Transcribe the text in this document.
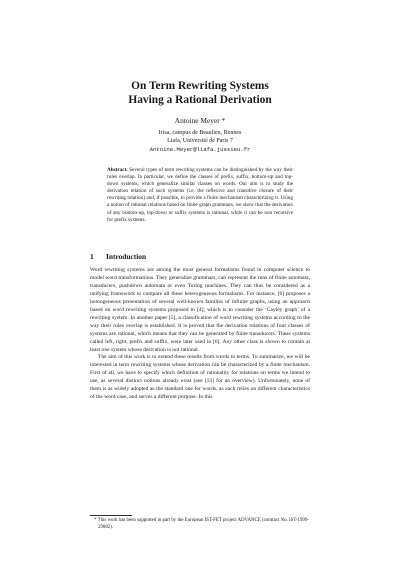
On Term Rewriting Systems
Having a Rational Derivation
Antoine Meyer *
Irisa, campus de Beaulieu, Rennes
Liafa, Université de Paris 7
Antoine.Meyer@liafa.jussieu.fr
Abstract. Several types of term rewriting systems can be distinguished by the way their rules overlap. In particular, we define the classes of prefix, suffix, bottom-up and top-down systems, which generalize similar classes on words. Our aim is to study the derivation relation of such systems (i.e. the reflexive and transitive closure of their rewriting relation) and, if possible, to provide a finite mechanism characterizing it. Using a notion of rational relations based on finite graph grammars, we show that the derivation of any bottom-up, top-down or suffix systems is rational, while it can be non recursive for prefix systems.
1 Introduction

Word rewriting systems are among the most general formalisms found in computer science to model word transformations. They generalize grammars, can represent the runs of finite automata, transducers, pushdown automata or even Turing machines. They can thus be considered as a unifying framework to compare all these heterogeneous formalisms. For instance, [6] proposes a homogeneous presentation of several well-known families of infinite graphs, using an approach based on word rewriting systems proposed in [4], which is to consider the ‘Cayley graph’ of a rewriting system. In another paper [5], a classification of word rewriting systems according to the way their rules overlap is established. It is proved that the derivation relations of four classes of systems are rational, which means that they can be generated by finite transducers. These systems called left, right, prefix and suffix, were later used in [6]. Any other class is shown to contain at least one system whose derivation is not rational.

The aim of this work is to extend these results from words to terms. To summarize, we will be interested in term rewriting systems whose derivation can be characterized by a finite mechanism. First of all, we have to specify which definition of rationality for relations on terms we intend to use, as several distinct notions already exist (see [13] for an overview). Unfortunately, none of them is as widely adopted as the standard one for words, as each relies on different characteristics of the word case, and serves a different purpose. In this

* This work has been supported in part by the European IST-FET project ADVANCE (contract No. IST-1999-29082).
